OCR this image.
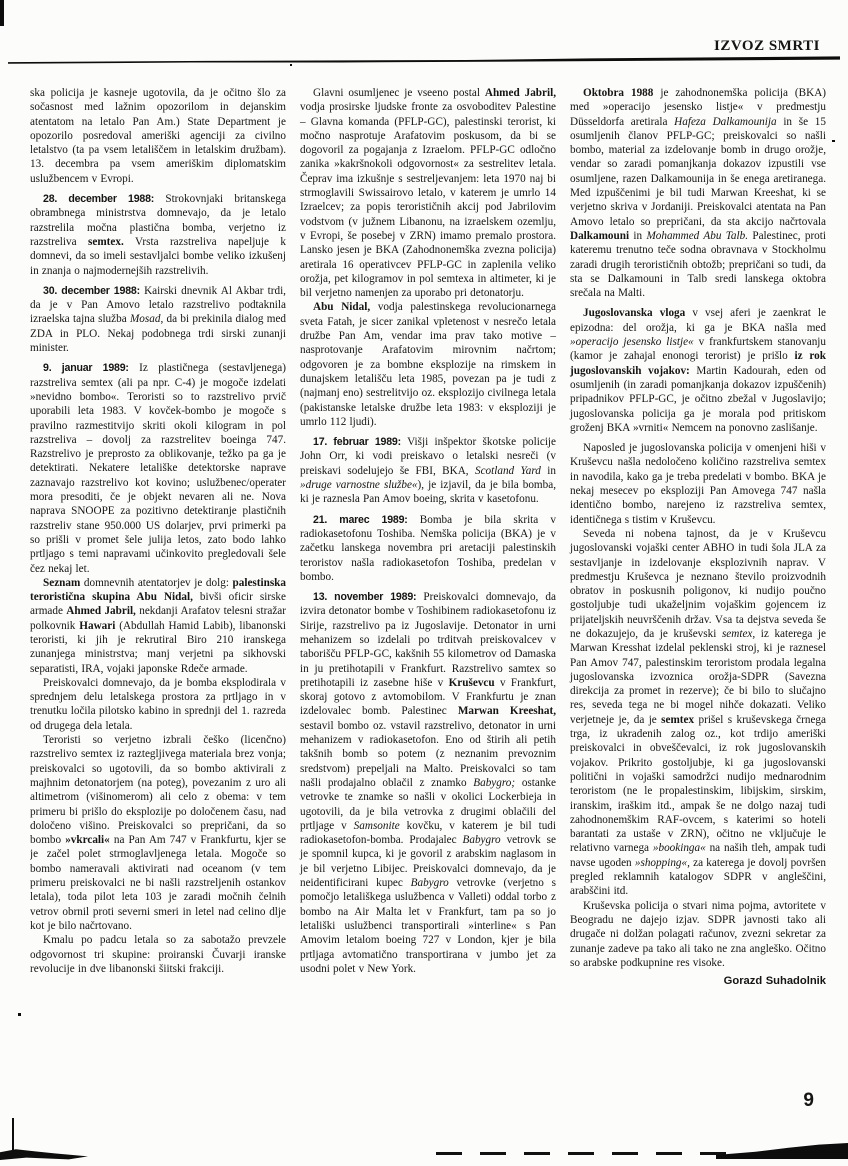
IZVOZ SMRTI

ska policija je kasneje ugotovila, da je očitno šlo za sočasnost med lažnim opozorilom in dejanskim atentatom na letalo Pan Am.) State Department je opozorilo posredoval ameriški agenciji za civilno letalstvo (ta pa vsem letališčem in letalskim družbam). 13. decembra pa vsem ameriškim diplomatskim uslužbencem v Evropi.

28. december 1988: Strokovnjaki britanskega obrambnega ministrstva domnevajo, da je letalo razstrelila močna plastična bomba, verjetno iz razstreliva semtex. Vrsta razstreliva napeljuje k domnevi, da so imeli sestavljalci bombe veliko izkušenj in znanja o najmodernejših razstrelivih.

30. december 1988: Kairski dnevnik Al Akbar trdi, da je v Pan Amovo letalo razstrelivo podtaknila izraelska tajna služba Mosad, da bi prekinila dialog med ZDA in PLO. Nekaj podobnega trdi sirski zunanji minister.

9. januar 1989: Iz plastičnega (sestavljenega) razstreliva semtex (ali pa npr. C-4) je mogoče izdelati »nevidno bombo«. Teroristi so to razstrelivo prvič uporabili leta 1983. V kovček-bombo je mogoče s pravilno razmestitvijo skriti okoli kilogram in pol razstreliva – dovolj za razstrelitev boeinga 747. Razstrelivo je preprosto za oblikovanje, težko pa ga je detektirati. Nekatere letališke detektorske naprave zaznavajo razstrelivo kot kovino; uslužbenec/operater mora presoditi, če je objekt nevaren ali ne. Nova naprava SNOOPE za pozitivno detektiranje plastičnih razstreliv stane 950.000 US dolarjev, prvi primerki pa so prišli v promet šele julija letos, zato bodo lahko prtljago s temi napravami učinkovito pregledovali šele čez nekaj let.

Seznam domnevnih atentatorjev je dolg: palestinska teroristična skupina Abu Nidal, bivši oficir sirske armade Ahmed Jabril, nekdanji Arafatov telesni stražar polkovnik Hawari (Abdullah Hamid Labib), libanonski teroristi, ki jih je rekrutiral Biro 210 iranskega zunanjega ministrstva; manj verjetni pa sikhovski separatisti, IRA, vojaki japonske Rdeče armade.

Preiskovalci domnevajo, da je bomba eksplodirala v sprednjem delu letalskega prostora za prtljago in v trenutku ločila pilotsko kabino in sprednji del 1. razreda od drugega dela letala.

Teroristi so verjetno izbrali češko (licenčno) razstrelivo semtex iz raztegljivega materiala brez vonja; preiskovalci so ugotovili, da so bombo aktivirali z majhnim detonatorjem (na poteg), povezanim z uro ali altimetrom (višinomerom) ali celo z obema: v tem primeru bi prišlo do eksplozije po določenem času, nad določeno višino. Preiskovalci so prepričani, da so bombo »vkrcali« na Pan Am 747 v Frankfurtu, kjer se je začel polet strmoglavljenega letala. Mogoče so bombo nameravali aktivirati nad oceanom (v tem primeru preiskovalci ne bi našli razstreljenih ostankov letala), toda pilot leta 103 je zaradi močnih čelnih vetrov obrnil proti severni smeri in letel nad celino dlje kot je bilo načrtovano.

Kmalu po padcu letala so za sabotažo prevzele odgovornost tri skupine: proiranski Čuvarji iranske revolucije in dve libanonski šiitski frakciji.

Glavni osumljenec je vseeno postal Ahmed Jabril, vodja prosirske ljudske fronte za osvoboditev Palestine – Glavna komanda (PFLP-GC), palestinski terorist, ki močno nasprotuje Arafatovim poskusom, da bi se dogovoril za pogajanja z Izraelom. PFLP-GC odločno zanika »kakršnokoli odgovornost« za sestrelitev letala. Čeprav ima izkušnje s sestreljevanjem: leta 1970 naj bi strmoglavili Swissairovo letalo, v katerem je umrlo 14 Izraelcev; za popis terorističnih akcij pod Jabrilovim vodstvom (v južnem Libanonu, na izraelskem ozemlju, v Evropi, še posebej v ZRN) imamo premalo prostora. Lansko jesen je BKA (Zahodnonemška zvezna policija) aretirala 16 operativcev PFLP-GC in zaplenila veliko orožja, pet kilogramov in pol semtexa in altimeter, ki je bil verjetno namenjen za uporabo pri detonatorju.

Abu Nidal, vodja palestinskega revolucionarnega sveta Fatah, je sicer zanikal vpletenost v nesrečo letala družbe Pan Am, vendar ima prav tako motive – nasprotovanje Arafatovim mirovnim načrtom; odgovoren je za bombne eksplozije na rimskem in dunajskem letališču leta 1985, povezan pa je tudi z (najmanj eno) sestrelitvijo oz. eksplozijo civilnega letala (pakistanske letalske družbe leta 1983: v eksploziji je umrlo 112 ljudi).

17. februar 1989: Višji inšpektor škotske policije John Orr, ki vodi preiskavo o letalski nesreči (v preiskavi sodelujejo še FBI, BKA, Scotland Yard in »druge varnostne službe«), je izjavil, da je bila bomba, ki je raznesla Pan Amov boeing, skrita v kasetofonu.

21. marec 1989: Bomba je bila skrita v radiokasetofonu Toshiba. Nemška policija (BKA) je v začetku lanskega novembra pri aretaciji palestinskih teroristov našla radiokasetofon Toshiba, predelan v bombo.

13. november 1989: Preiskovalci domnevajo, da izvira detonator bombe v Toshibinem radiokasetofonu iz Sirije, razstrelivo pa iz Jugoslavije. Detonator in urni mehanizem so izdelali po trditvah preiskovalcev v taborišču PFLP-GC, kakšnih 55 kilometrov od Damaska in ju pretihotapili v Frankfurt. Razstrelivo samtex so pretihotapili iz zasebne hiše v Kruševcu v Frankfurt, skoraj gotovo z avtomobilom. V Frankfurtu je znan izdelovalec bomb. Palestinec Marwan Kreeshat, sestavil bombo oz. vstavil razstrelivo, detonator in urni mehanizem v radiokasetofon. Eno od štirih ali petih takšnih bomb so potem (z neznanim prevoznim sredstvom) prepeljali na Malto. Preiskovalci so tam našli prodajalno oblačil z znamko Babygro; ostanke vetrovke te znamke so našli v okolici Lockerbieja in ugotovili, da je bila vetrovka z drugimi oblačili del prtljage v Samsonite kovčku, v katerem je bil tudi radiokasetofon-bomba. Prodajalec Babygro vetrovk se je spomnil kupca, ki je govoril z arabskim naglasom in je bil verjetno Libijec. Preiskovalci domnevajo, da je neidentificirani kupec Babygro vetrovke (verjetno s pomočjo letališkega uslužbenca v Valleti) oddal torbo z bombo na Air Malta let v Frankfurt, tam pa so jo letališki uslužbenci transportirali »interline« s Pan Amovim letalom boeing 727 v London, kjer je bila prtljaga avtomatično transportirana v jumbo jet za usodni polet v New York.

Oktobra 1988 je zahodnonemška policija (BKA) med »operacijo jesensko listje« v predmestju Düsseldorfa aretirala Hafeza Dalkamounija in še 15 osumljenih članov PFLP-GC; preiskovalci so našli bombo, material za izdelovanje bomb in drugo orožje, vendar so zaradi pomanjkanja dokazov izpustili vse osumljene, razen Dalkamounija in še enega aretiranega. Med izpuščenimi je bil tudi Marwan Kreeshat, ki se verjetno skriva v Jordaniji. Preiskovalci atentata na Pan Amovo letalo so prepričani, da sta akcijo načrtovala Dalkamouni in Mohammed Abu Talb. Palestinec, proti kateremu trenutno teče sodna obravnava v Stockholmu zaradi drugih terorističnih obtožb; prepričani so tudi, da sta se Dalkamouni in Talb sredi lanskega oktobra srečala na Malti.

Jugoslovanska vloga v vsej aferi je zaenkrat le epizodna: del orožja, ki ga je BKA našla med »operacijo jesensko listje« v frankfurtskem stanovanju (kamor je zahajal enonogi terorist) je prišlo iz rok jugoslovanskih vojakov: Martin Kadourah, eden od osumljenih (in zaradi pomanjkanja dokazov izpuščenih) pripadnikov PFLP-GC, je očitno zbežal v Jugoslavijo; jugoslovanska policija ga je morala pod pritiskom groženj BKA »vrniti« Nemcem na ponovno zaslišanje.

Naposled je jugoslovanska policija v omenjeni hiši v Kruševcu našla nedoločeno količino razstreliva semtex in navodila, kako ga je treba predelati v bombo. BKA je nekaj mesecev po eksploziji Pan Amovega 747 našla identično bombo, narejeno iz razstreliva semtex, identičnega s tistim v Kruševcu.

Seveda ni nobena tajnost, da je v Kruševcu jugoslovanski vojaški center ABHO in tudi šola JLA za sestavljanje in izdelovanje eksplozivnih naprav. V predmestju Kruševca je neznano število proizvodnih obratov in poskusnih poligonov, ki nudijo poučno gostoljubje tudi ukaželjnim vojaškim gojencem iz prijateljskih neuvrščenih držav. Vsa ta dejstva seveda še ne dokazujejo, da je kruševski semtex, iz katerega je Marwan Kresshat izdelal peklenski stroj, ki je raznesel Pan Amov 747, palestinskim teroristom prodala legalna jugoslovanska izvoznica orožja-SDPR (Savezna direkcija za promet in rezerve); če bi bilo to slučajno res, seveda tega ne bi mogel nihče dokazati. Veliko verjetneje je, da je semtex prišel s kruševskega črnega trga, iz ukradenih zalog oz., kot trdijo ameriški preiskovalci in obveščevalci, iz rok jugoslovanskih vojakov. Prikrito gostoljubje, ki ga jugoslovanski politični in vojaški samodržci nudijo mednarodnim teroristom (ne le propalestinskim, libijskim, sirskim, iranskim, iraškim itd., ampak še ne dolgo nazaj tudi zahodnonemškim RAF-ovcem, s katerimi so hoteli barantati za ustaše v ZRN), očitno ne vključuje le relativno varnega »bookinga« na naših tleh, ampak tudi navse ugoden »shopping«, za katerega je dovolj površen pregled reklamnih katalogov SDPR v angleščini, arabščini itd.

Kruševska policija o stvari nima pojma, avtoritete v Beogradu ne dajejo izjav. SDPR javnosti tako ali drugače ni dolžan polagati računov, zvezni sekretar za zunanje zadeve pa tako ali tako ne zna angleško. Očitno so arabske podkupnine res visoke.

Gorazd Suhadolnik

9
